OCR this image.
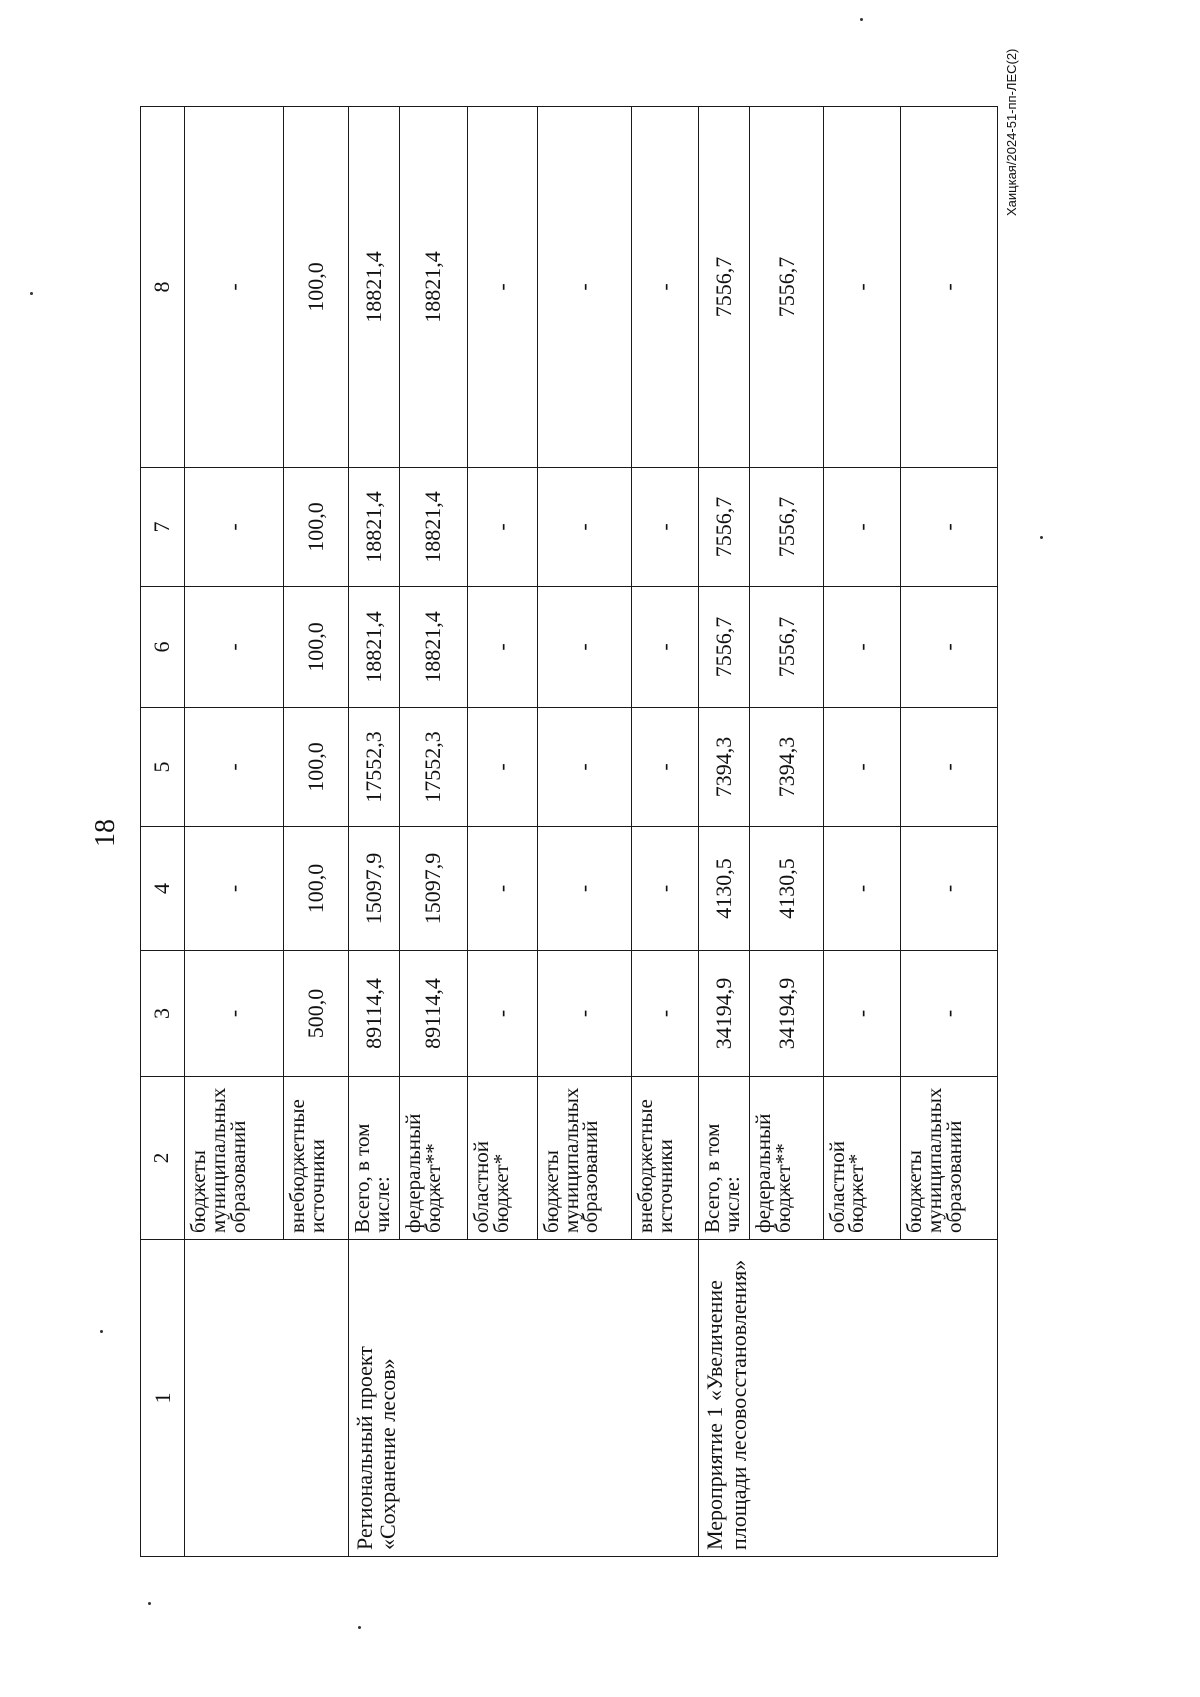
18
Хаицкая/2024-51-пп-ЛЕС(2)
1	2	3	4	5	6	7	8
	бюджеты муниципальных образований	-	-	-	-	-	-
	внебюджетные источники	500,0	100,0	100,0	100,0	100,0	100,0
Региональный проект «Сохранение лесов»	Всего, в том числе:	89114,4	15097,9	17552,3	18821,4	18821,4	18821,4
	федеральный бюджет**	89114,4	15097,9	17552,3	18821,4	18821,4	18821,4
	областной бюджет*	-	-	-	-	-	-
	бюджеты муниципальных образований	-	-	-	-	-	-
	внебюджетные источники	-	-	-	-	-	-
Мероприятие 1 «Увеличение площади лесовосстановления»	Всего, в том числе:	34194,9	4130,5	7394,3	7556,7	7556,7	7556,7
	федеральный бюджет**	34194,9	4130,5	7394,3	7556,7	7556,7	7556,7
	областной бюджет*	-	-	-	-	-	-
	бюджеты муниципальных образований	-	-	-	-	-	-
